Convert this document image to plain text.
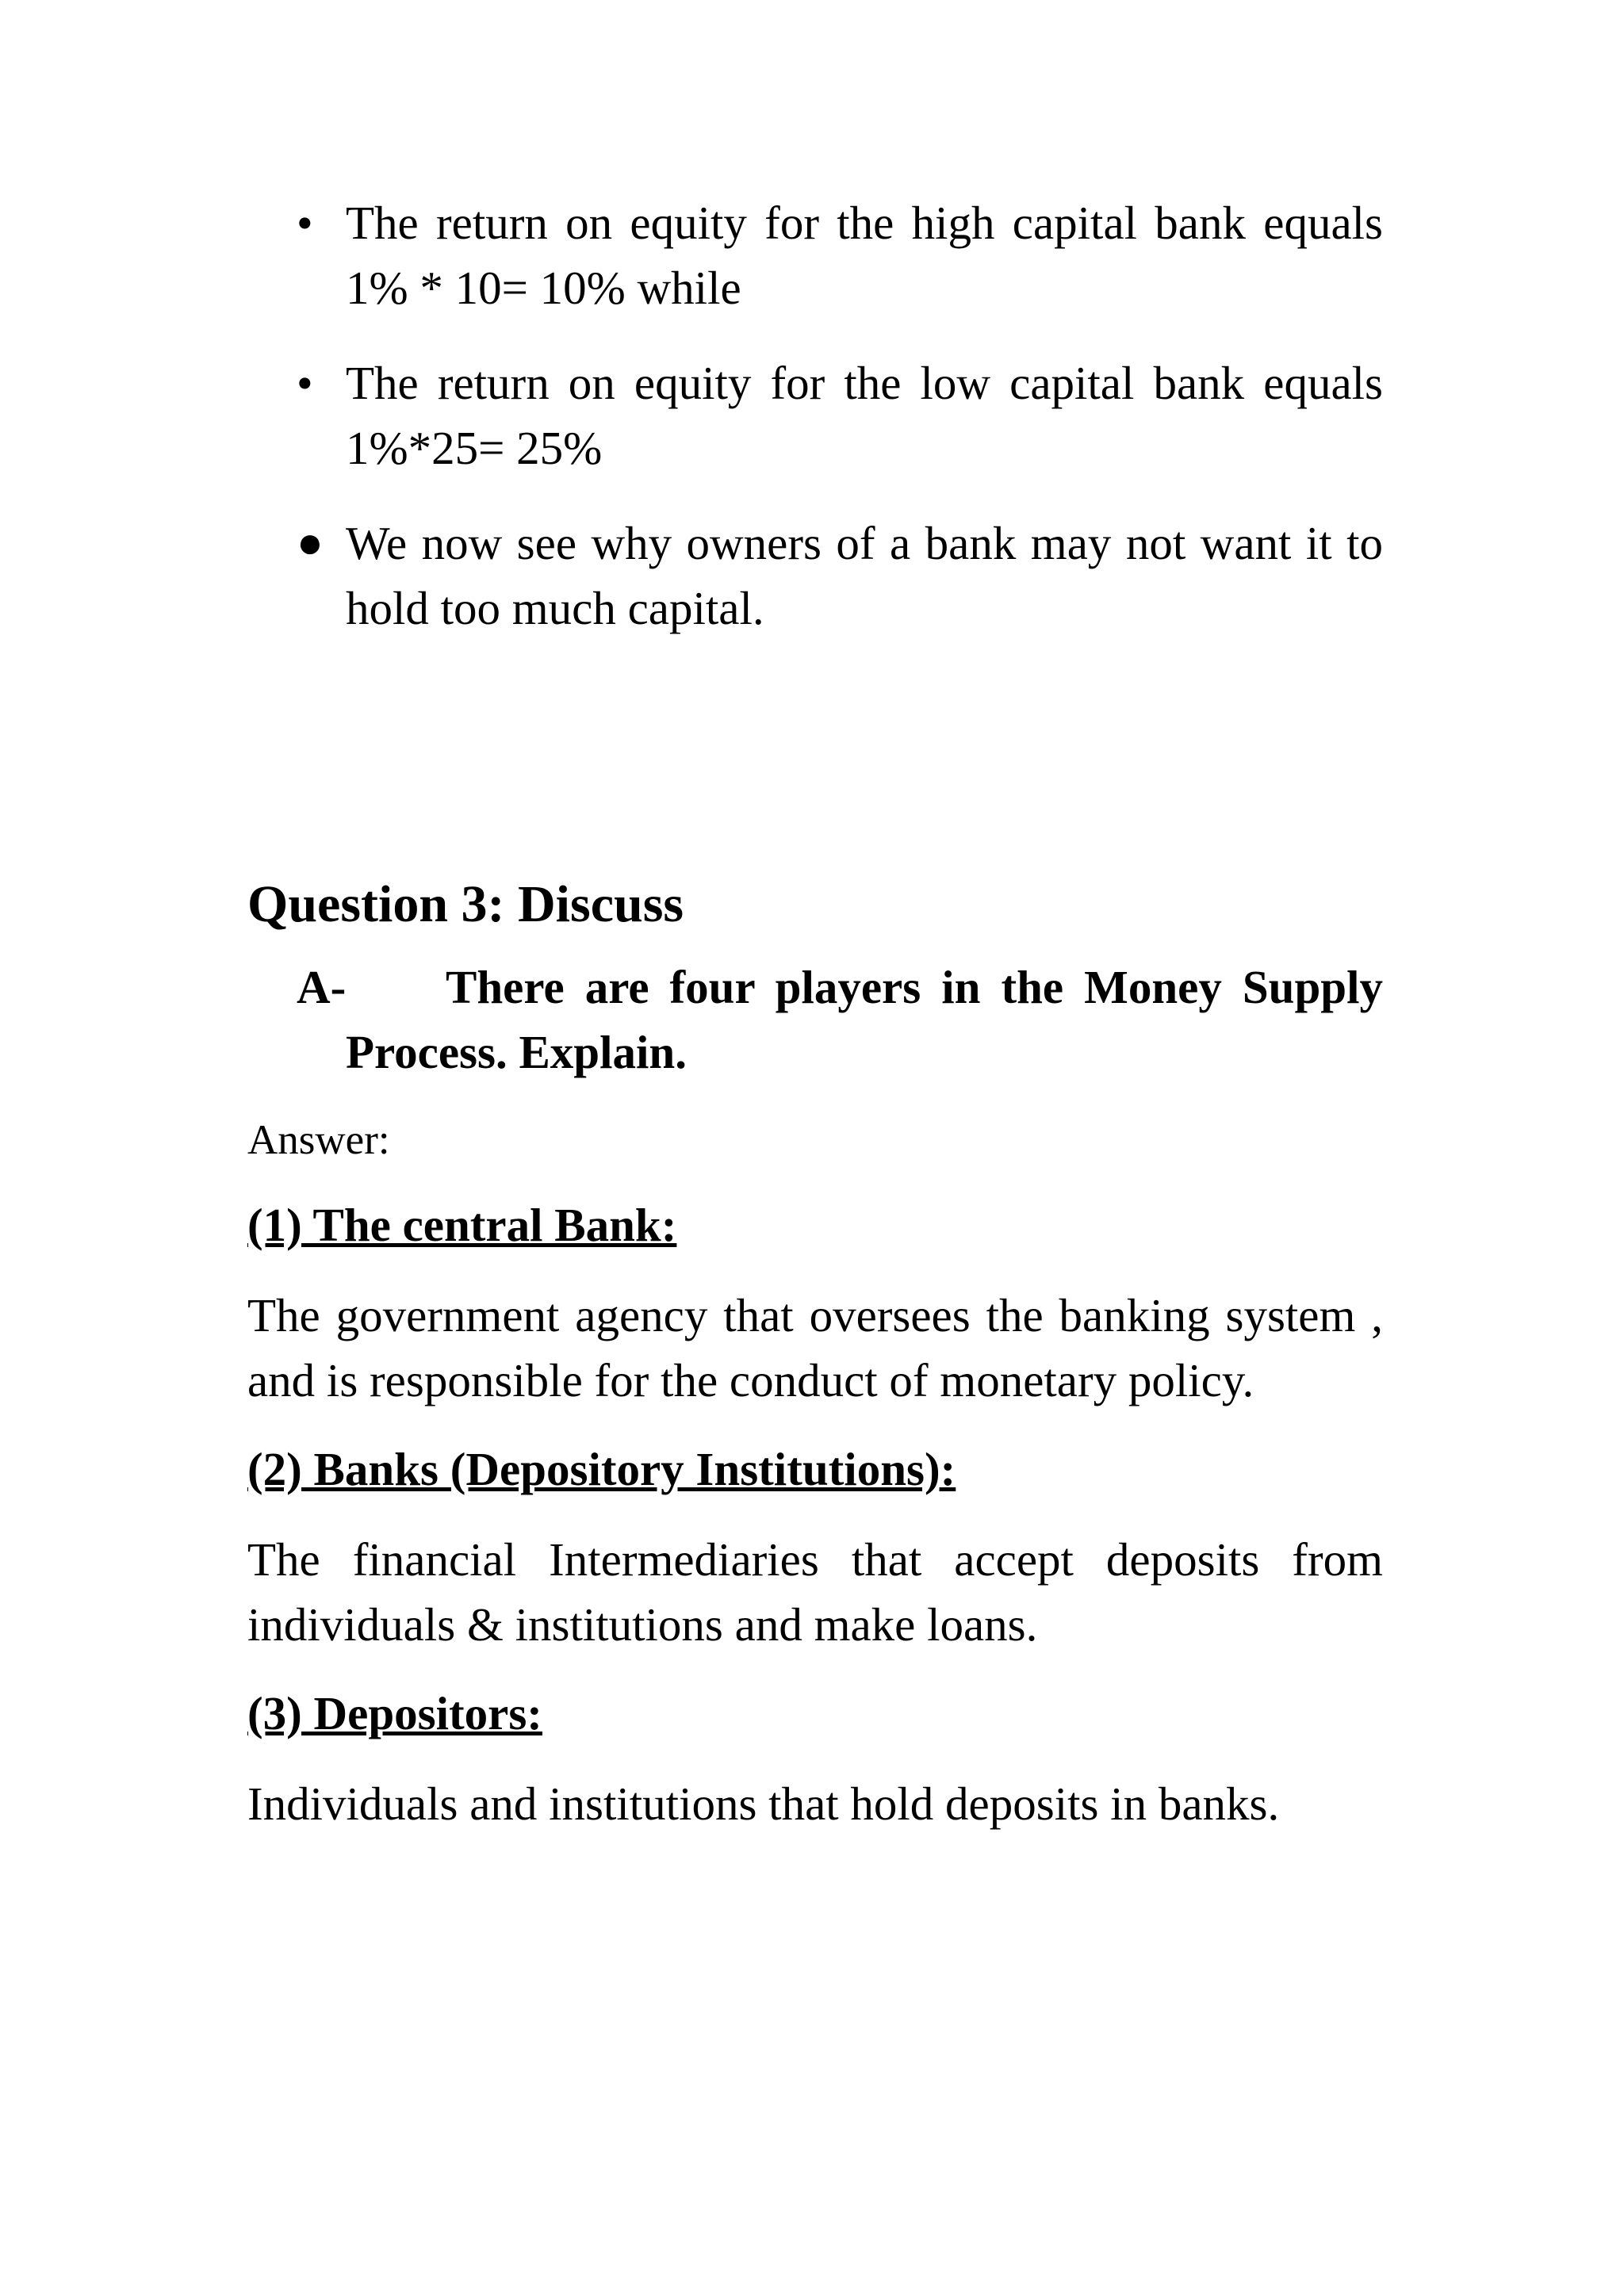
• The return on equity for the high capital bank equals 1% * 10= 10% while
• The return on equity for the low capital bank equals 1%*25= 25%
● We now see why owners of a bank may not want it to hold too much capital.
Question 3: Discuss
A-	There are four players in the Money Supply
Process. Explain.
Answer:
(1) The central Bank:
The government agency that oversees the banking system , and is responsible for the conduct of monetary policy.
(2) Banks (Depository Institutions):
The financial Intermediaries that accept deposits from individuals & institutions and make loans.
(3) Depositors:
Individuals and institutions that hold deposits in banks.
